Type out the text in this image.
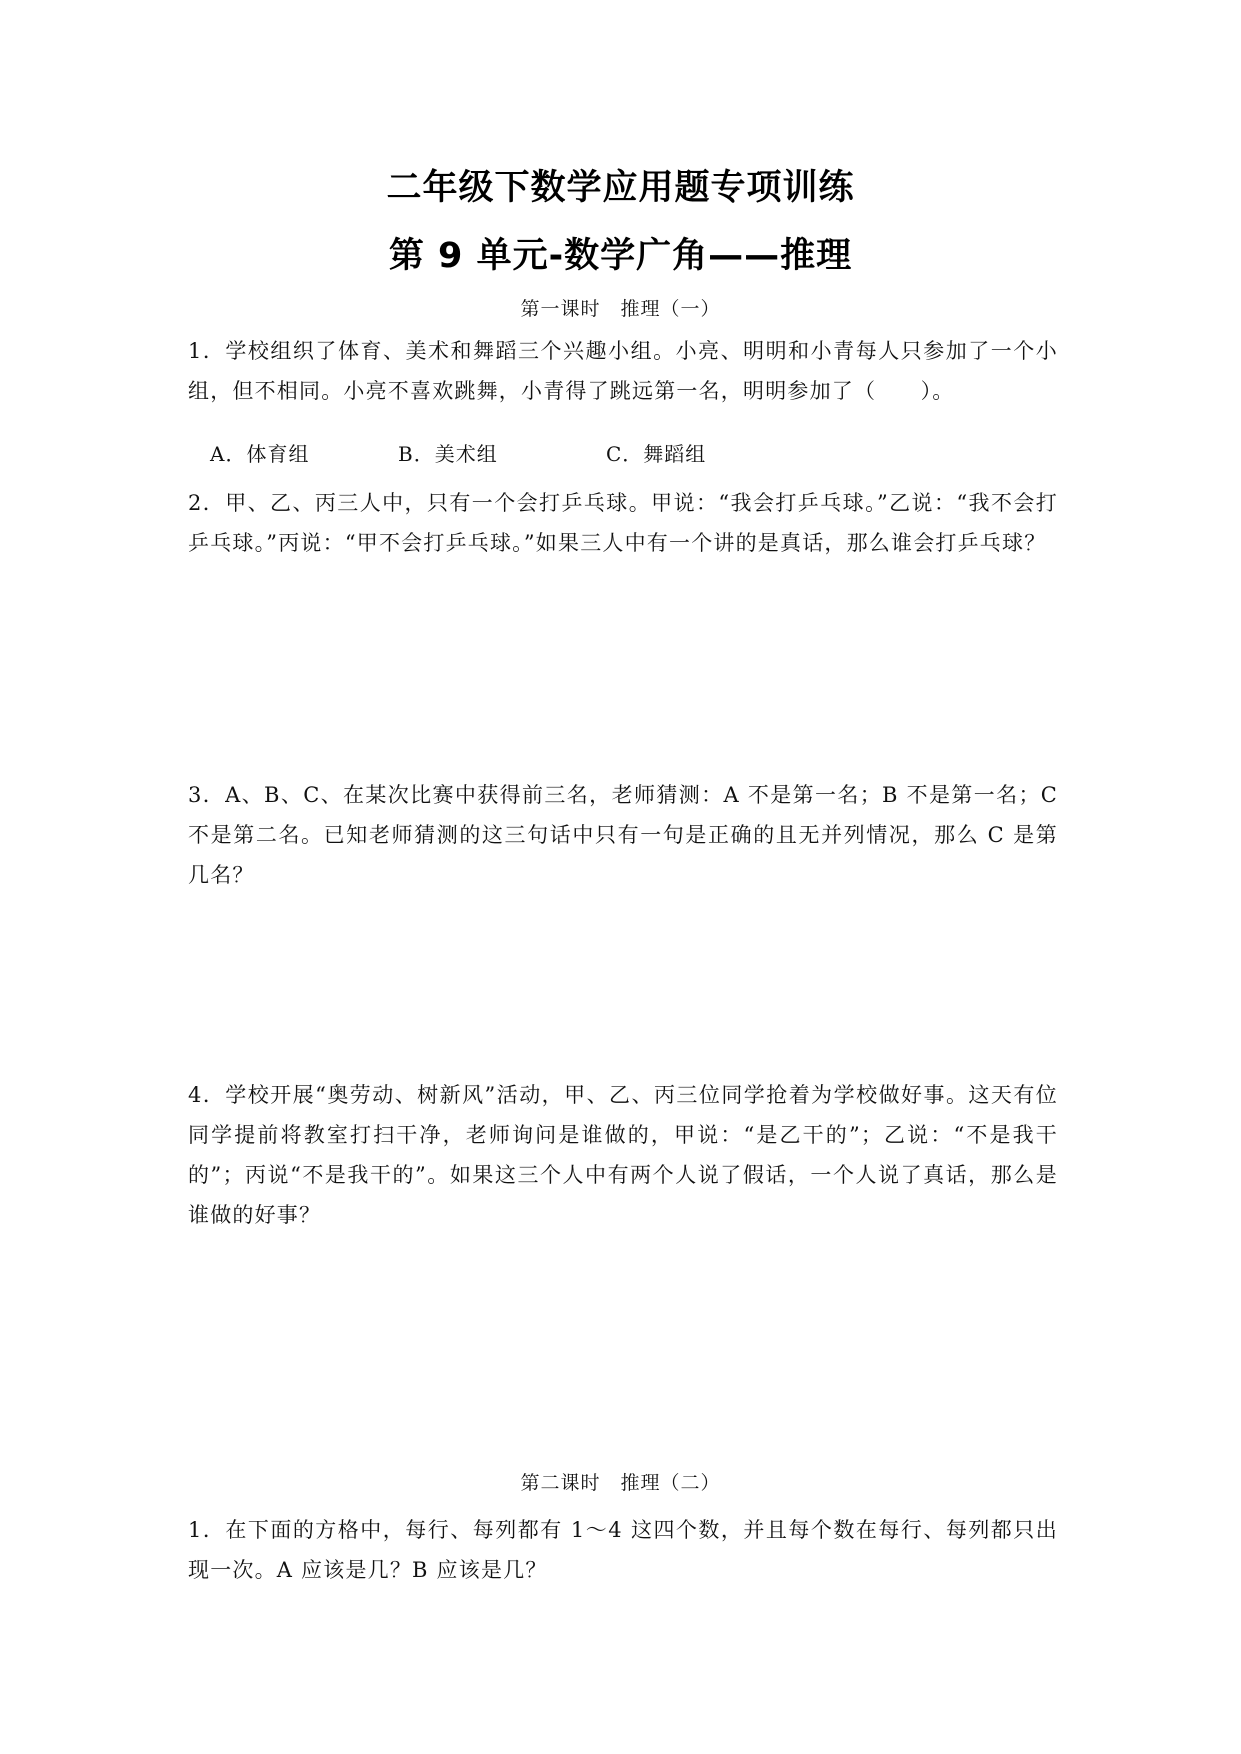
二年级下数学应用题专项训练
第 9 单元-数学广角——推理
第一课时　推理（一）

1．学校组织了体育、美术和舞蹈三个兴趣小组。小亮、明明和小青每人只参加了一个小组，但不相同。小亮不喜欢跳舞，小青得了跳远第一名，明明参加了（　　）。

A．体育组	B．美术组	C．舞蹈组

2．甲、乙、丙三人中，只有一个会打乒乓球。甲说：“我会打乒乓球。”乙说：“我不会打乒乓球。”丙说：“甲不会打乒乓球。”如果三人中有一个讲的是真话，那么谁会打乒乓球？

3．A、B、C、在某次比赛中获得前三名，老师猜测：A 不是第一名；B 不是第一名；C 不是第二名。已知老师猜测的这三句话中只有一句是正确的且无并列情况，那么 C 是第几名？

4．学校开展“奥劳动、树新风”活动，甲、乙、丙三位同学抢着为学校做好事。这天有位同学提前将教室打扫干净，老师询问是谁做的，甲说：“是乙干的”；乙说：“不是我干的”；丙说“不是我干的”。如果这三个人中有两个人说了假话，一个人说了真话，那么是谁做的好事？

第二课时　推理（二）

1．在下面的方格中，每行、每列都有 1～4 这四个数，并且每个数在每行、每列都只出现一次。A 应该是几？B 应该是几？
